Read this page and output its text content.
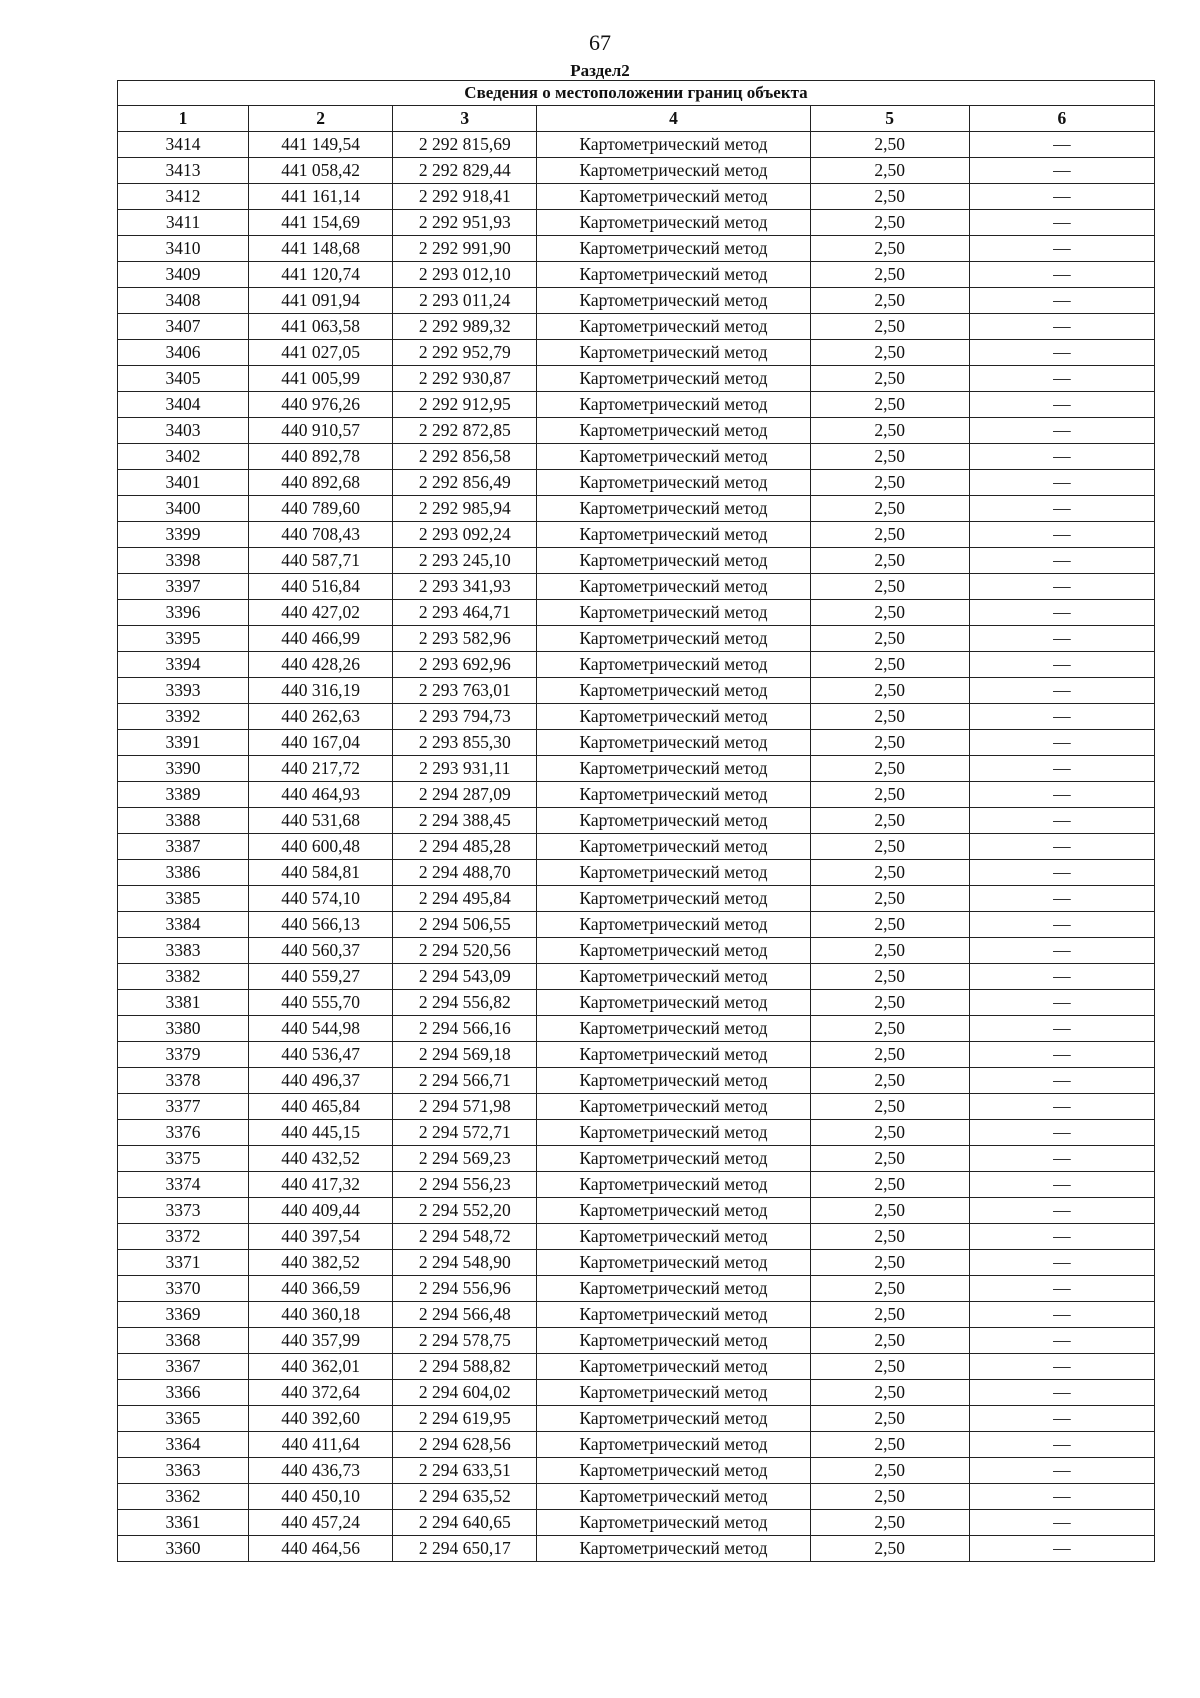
67
Раздел2
Сведения о местоположении границ объекта					
1	2	3	4	5	6
3414	441 149,54	2 292 815,69	Картометрический метод	2,50	—
3413	441 058,42	2 292 829,44	Картометрический метод	2,50	—
3412	441 161,14	2 292 918,41	Картометрический метод	2,50	—
3411	441 154,69	2 292 951,93	Картометрический метод	2,50	—
3410	441 148,68	2 292 991,90	Картометрический метод	2,50	—
3409	441 120,74	2 293 012,10	Картометрический метод	2,50	—
3408	441 091,94	2 293 011,24	Картометрический метод	2,50	—
3407	441 063,58	2 292 989,32	Картометрический метод	2,50	—
3406	441 027,05	2 292 952,79	Картометрический метод	2,50	—
3405	441 005,99	2 292 930,87	Картометрический метод	2,50	—
3404	440 976,26	2 292 912,95	Картометрический метод	2,50	—
3403	440 910,57	2 292 872,85	Картометрический метод	2,50	—
3402	440 892,78	2 292 856,58	Картометрический метод	2,50	—
3401	440 892,68	2 292 856,49	Картометрический метод	2,50	—
3400	440 789,60	2 292 985,94	Картометрический метод	2,50	—
3399	440 708,43	2 293 092,24	Картометрический метод	2,50	—
3398	440 587,71	2 293 245,10	Картометрический метод	2,50	—
3397	440 516,84	2 293 341,93	Картометрический метод	2,50	—
3396	440 427,02	2 293 464,71	Картометрический метод	2,50	—
3395	440 466,99	2 293 582,96	Картометрический метод	2,50	—
3394	440 428,26	2 293 692,96	Картометрический метод	2,50	—
3393	440 316,19	2 293 763,01	Картометрический метод	2,50	—
3392	440 262,63	2 293 794,73	Картометрический метод	2,50	—
3391	440 167,04	2 293 855,30	Картометрический метод	2,50	—
3390	440 217,72	2 293 931,11	Картометрический метод	2,50	—
3389	440 464,93	2 294 287,09	Картометрический метод	2,50	—
3388	440 531,68	2 294 388,45	Картометрический метод	2,50	—
3387	440 600,48	2 294 485,28	Картометрический метод	2,50	—
3386	440 584,81	2 294 488,70	Картометрический метод	2,50	—
3385	440 574,10	2 294 495,84	Картометрический метод	2,50	—
3384	440 566,13	2 294 506,55	Картометрический метод	2,50	—
3383	440 560,37	2 294 520,56	Картометрический метод	2,50	—
3382	440 559,27	2 294 543,09	Картометрический метод	2,50	—
3381	440 555,70	2 294 556,82	Картометрический метод	2,50	—
3380	440 544,98	2 294 566,16	Картометрический метод	2,50	—
3379	440 536,47	2 294 569,18	Картометрический метод	2,50	—
3378	440 496,37	2 294 566,71	Картометрический метод	2,50	—
3377	440 465,84	2 294 571,98	Картометрический метод	2,50	—
3376	440 445,15	2 294 572,71	Картометрический метод	2,50	—
3375	440 432,52	2 294 569,23	Картометрический метод	2,50	—
3374	440 417,32	2 294 556,23	Картометрический метод	2,50	—
3373	440 409,44	2 294 552,20	Картометрический метод	2,50	—
3372	440 397,54	2 294 548,72	Картометрический метод	2,50	—
3371	440 382,52	2 294 548,90	Картометрический метод	2,50	—
3370	440 366,59	2 294 556,96	Картометрический метод	2,50	—
3369	440 360,18	2 294 566,48	Картометрический метод	2,50	—
3368	440 357,99	2 294 578,75	Картометрический метод	2,50	—
3367	440 362,01	2 294 588,82	Картометрический метод	2,50	—
3366	440 372,64	2 294 604,02	Картометрический метод	2,50	—
3365	440 392,60	2 294 619,95	Картометрический метод	2,50	—
3364	440 411,64	2 294 628,56	Картометрический метод	2,50	—
3363	440 436,73	2 294 633,51	Картометрический метод	2,50	—
3362	440 450,10	2 294 635,52	Картометрический метод	2,50	—
3361	440 457,24	2 294 640,65	Картометрический метод	2,50	—
3360	440 464,56	2 294 650,17	Картометрический метод	2,50	—
